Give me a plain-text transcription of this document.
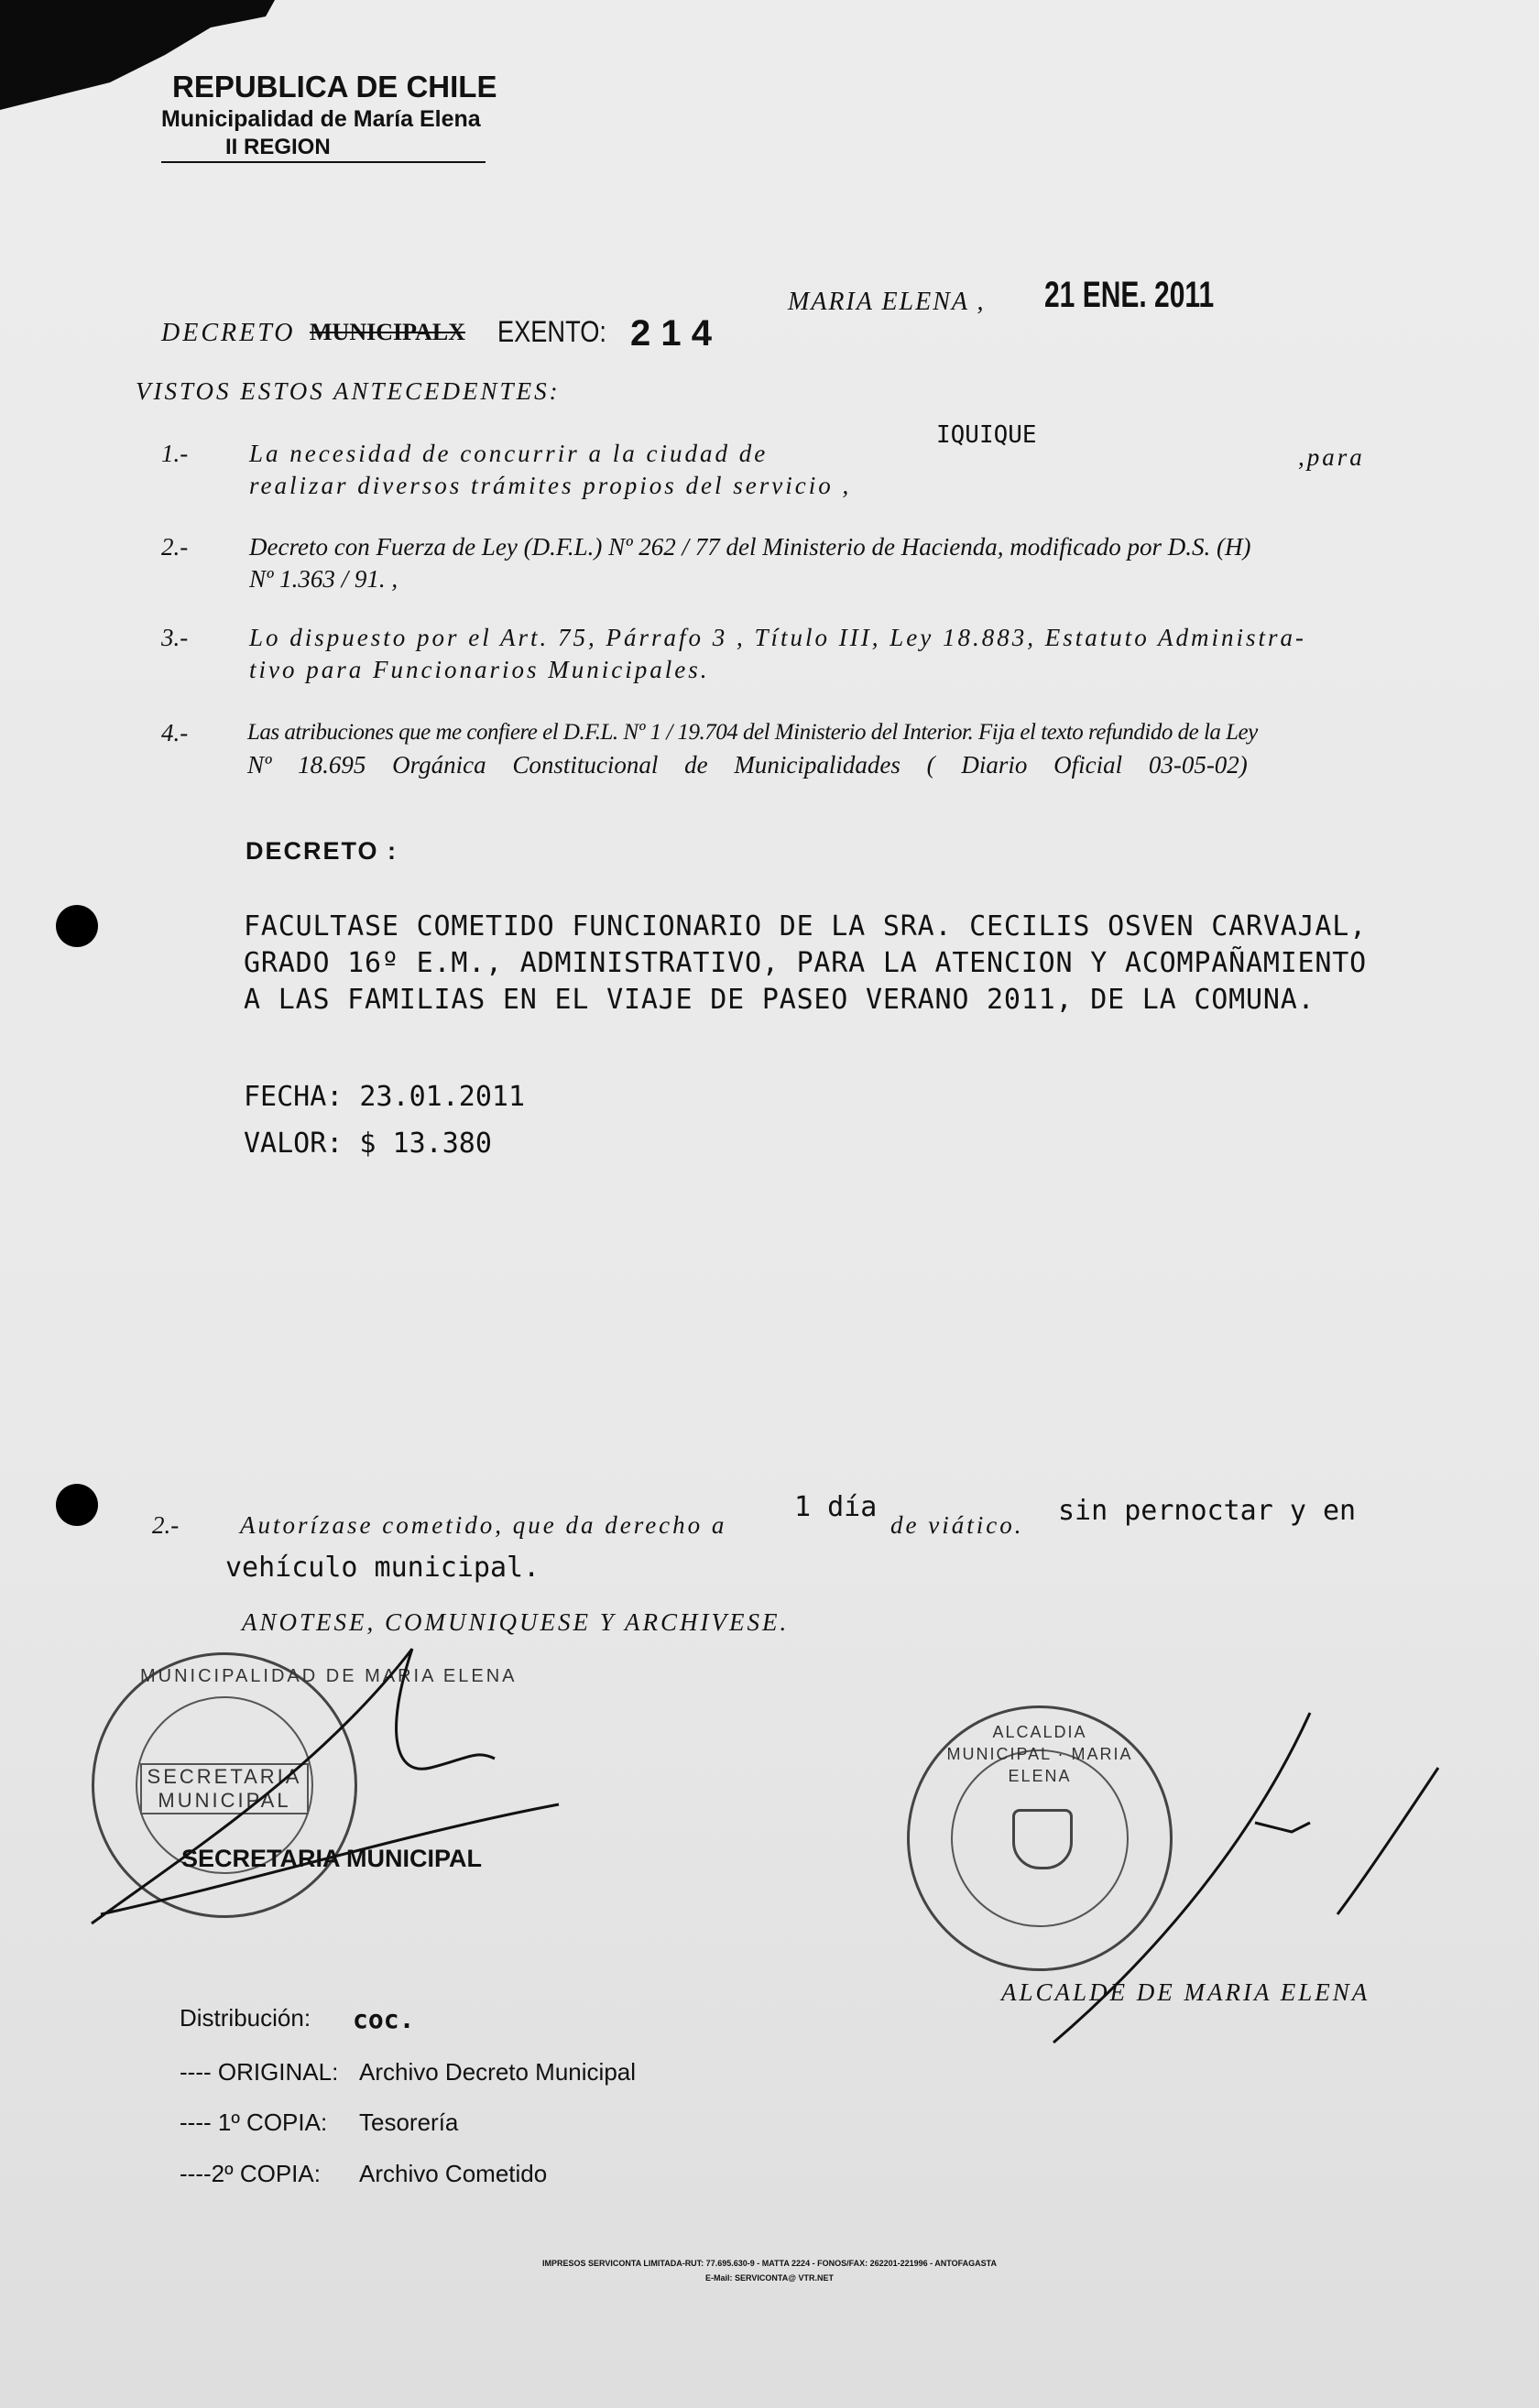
REPUBLICA DE CHILE
Municipalidad de María Elena
II REGION
MARIA ELENA , 21 ENE. 2011
DECRETO MUNICIPALX EXENTO: 2 1 4
VISTOS ESTOS ANTECEDENTES:
1.- La necesidad de concurrir a la ciudad de
IQUIQUE
,para
realizar diversos trámites propios del servicio ,
2.- Decreto con Fuerza de Ley (D.F.L.) Nº 262 / 77 del Ministerio de Hacienda, modificado por D.S. (H)
Nº 1.363 / 91. ,
3.- Lo dispuesto por el Art. 75, Párrafo 3 , Título III, Ley 18.883, Estatuto Administra-
tivo para Funcionarios Municipales.
4.-	Las atribuciones que me confiere el D.F.L. Nº 1 / 19.704 del Ministerio del Interior. Fija el texto refundido de la Ley
Nº 18.695 Orgánica Constitucional de Municipalidades ( Diario Oficial 03-05-02)
DECRETO :
FACULTASE COMETIDO FUNCIONARIO DE LA SRA. CECILIS OSVEN CARVAJAL,
GRADO 16º E.M., ADMINISTRATIVO, PARA LA ATENCION Y ACOMPAÑAMIENTO
A LAS FAMILIAS EN EL VIAJE DE PASEO VERANO 2011, DE LA COMUNA.
FECHA: 23.01.2011
VALOR: $ 13.380
2.- Autorízase cometido, que da derecho a
1 día
de viático. sin pernoctar y en
vehículo municipal.
ANOTESE, COMUNIQUESE Y ARCHIVESE.
SECRETARIA MUNICIPAL
MUNICIPALIDAD DE MARIA ELENA
SECRETARIA MUNICIPAL
ALCALDIA MUNICIPAL · MARIA ELENA
ALCALDE DE MARIA ELENA
Distribución: coc.
---- ORIGINAL: Archivo Decreto Municipal
---- 1º COPIA: Tesorería
----2º COPIA: Archivo Cometido
IMPRESOS SERVICONTA LIMITADA-RUT: 77.695.630-9 - MATTA 2224 - FONOS/FAX: 262201-221996 - ANTOFAGASTA
E-Mail: SERVICONTA@ VTR.NET
